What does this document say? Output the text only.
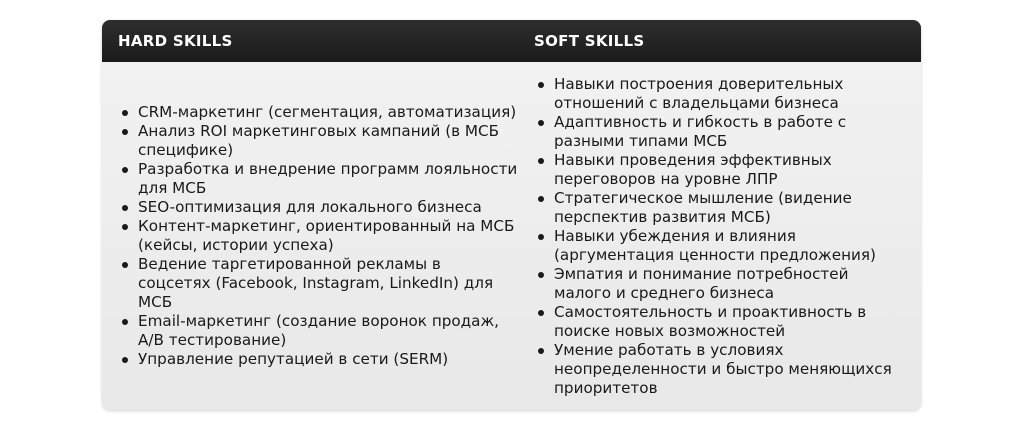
HARD SKILLS	SOFT SKILLS
CRM-маркетинг (сегментация, автоматизация)
Анализ ROI маркетинговых кампаний (в МСБ специфике)
Разработка и внедрение программ лояльности для МСБ
SEO-оптимизация для локального бизнеса
Контент-маркетинг, ориентированный на МСБ (кейсы, истории успеха)
Ведение таргетированной рекламы в соцсетях (Facebook, Instagram, LinkedIn) для МСБ
Email-маркетинг (создание воронок продаж, A/B тестирование)
Управление репутацией в сети (SERM)
Навыки построения доверительных отношений с владельцами бизнеса
Адаптивность и гибкость в работе с разными типами МСБ
Навыки проведения эффективных переговоров на уровне ЛПР
Стратегическое мышление (видение перспектив развития МСБ)
Навыки убеждения и влияния (аргументация ценности предложения)
Эмпатия и понимание потребностей малого и среднего бизнеса
Самостоятельность и проактивность в поиске новых возможностей
Умение работать в условиях неопределенности и быстро меняющихся приоритетов
